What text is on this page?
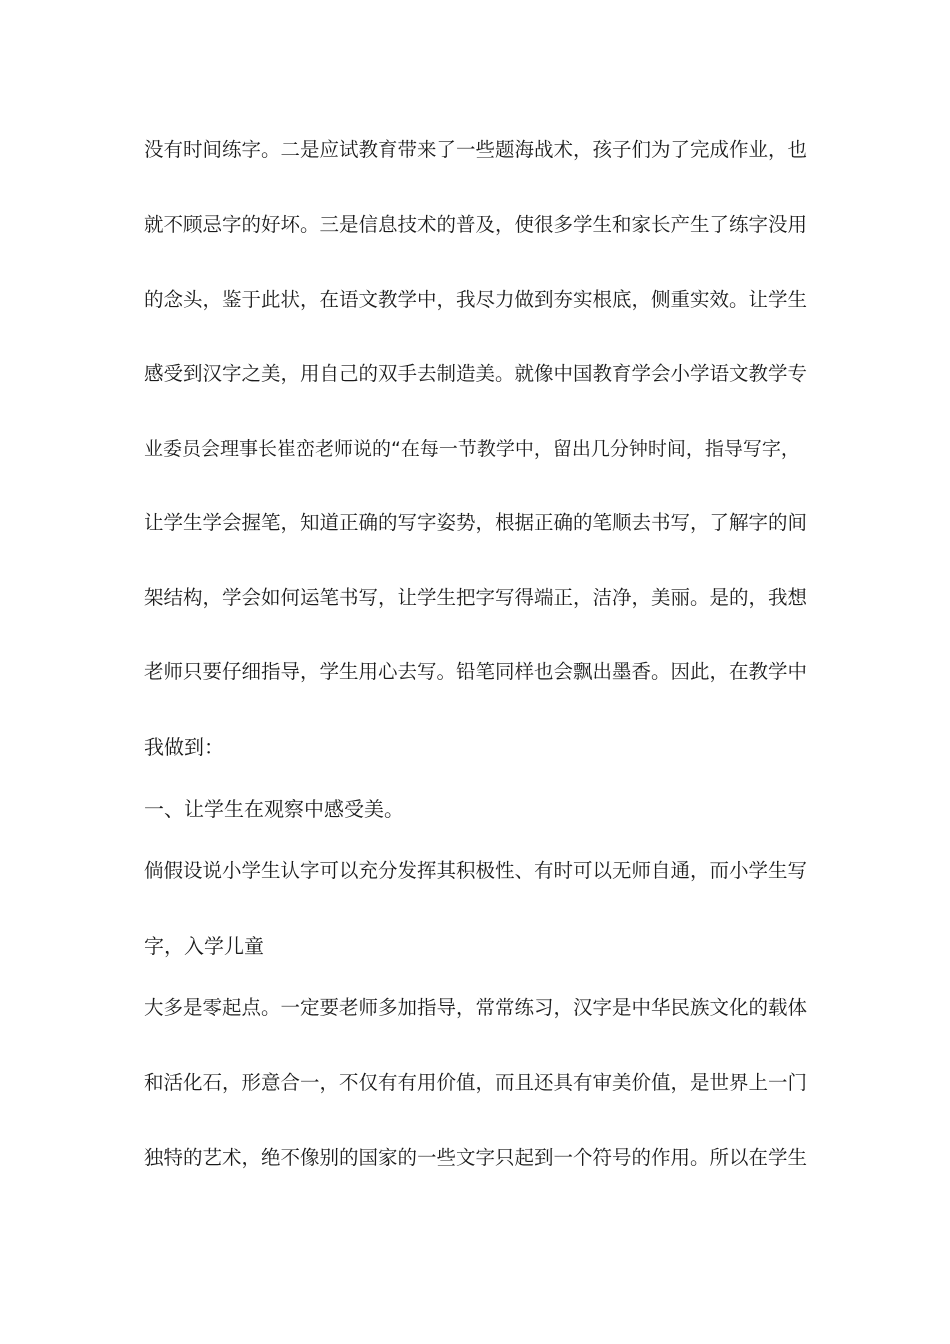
没有时间练字。二是应试教育带来了一些题海战术，孩子们为了完成作业，也
就不顾忌字的好坏。三是信息技术的普及，使很多学生和家长产生了练字没用
的念头，鉴于此状，在语文教学中，我尽力做到夯实根底，侧重实效。让学生
感受到汉字之美，用自己的双手去制造美。就像中国教育学会小学语文教学专
业委员会理事长崔峦老师说的“在每一节教学中，留出几分钟时间，指导写字，
让学生学会握笔，知道正确的写字姿势，根据正确的笔顺去书写，了解字的间
架结构，学会如何运笔书写，让学生把字写得端正，洁净，美丽。是的，我想
老师只要仔细指导，学生用心去写。铅笔同样也会飘出墨香。因此，在教学中
我做到：
一、让学生在观察中感受美。
倘假设说小学生认字可以充分发挥其积极性、有时可以无师自通，而小学生写
字，入学儿童
大多是零起点。一定要老师多加指导，常常练习，汉字是中华民族文化的载体
和活化石，形意合一，不仅有有用价值，而且还具有审美价值，是世界上一门
独特的艺术，绝不像别的国家的一些文字只起到一个符号的作用。所以在学生
